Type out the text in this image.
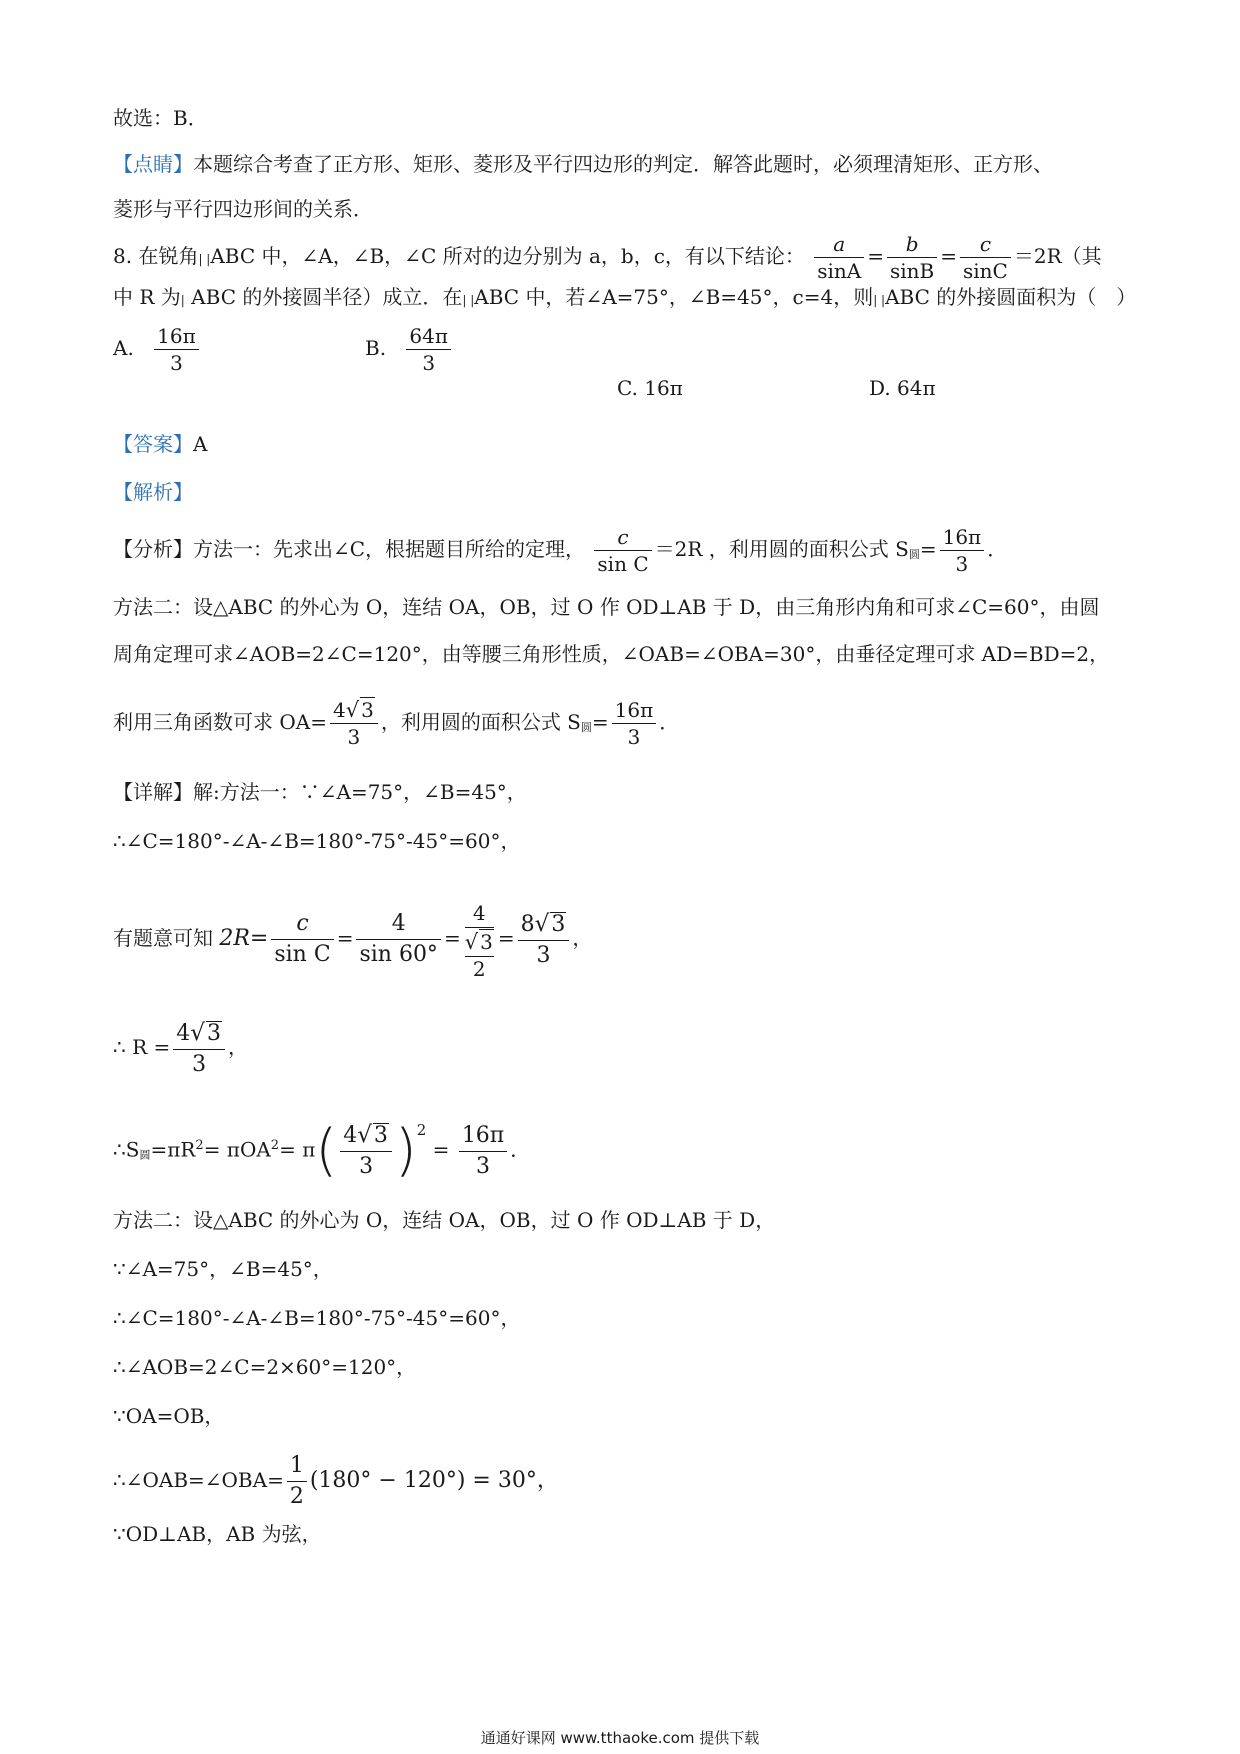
故选：B．
【点睛】本题综合考查了正方形、矩形、菱形及平行四边形的判定．解答此题时，必须理清矩形、正方形、
菱形与平行四边形间的关系．
8. 在锐角| |ABC 中，∠A，∠B，∠C 所对的边分别为 a，b，c，有以下结论： $\frac{a}{\sin A} = \frac{b}{\sin B} = \frac{c}{\sin C} =2R$（其
中 R 为| ABC 的外接圆半径）成立．在| |ABC 中，若∠A=75°，∠B=45°，c=4，则| |ABC 的外接圆面积为（　）
A. $\frac{16\pi}{3}$	B. $\frac{64\pi}{3}$
C. 16π	D. 64π
【答案】A
【解析】
【分析】方法一：先求出∠C，根据题目所给的定理， $\frac{c}{\text{sin C}} =2R$ ，利用圆的面积公式 S圆= $\frac{16\pi}{3}$ ．
方法二：设△ABC 的外心为 O，连结 OA，OB，过 O 作 OD⊥AB 于 D，由三角形内角和可求∠C=60°，由圆
周角定理可求∠AOB=2∠C=120°，由等腰三角形性质，∠OAB=∠OBA=30°，由垂径定理可求 AD=BD=2，
利用三角函数可求 $OA= \frac{4√ 3}{3}$ ，利用圆的面积公式 S圆= $\frac{16\pi}{3}$ ．
【详解】解:方法一：∵∠A=75°，∠B=45°，
∴∠C=180°-∠A-∠B=180°-75°-45°=60°，
有题意可知 $2R= \frac{c}{\text{sin C}} = \frac{4}{\sin 60^\circ}$ =
4
√ 3
2
= $\frac{8√3}{3}$ ，
∴ $R = \frac{4√3}{3}$ ，
∴S圆$=\pi R^2= \pi OA^2= \pi( \frac{4√3}{3} )^2 = \frac{16\pi}{3}$ ．
方法二：设△ABC 的外心为 O，连结 OA，OB，过 O 作 OD⊥AB 于 D，
∵∠A=75°，∠B=45°，
∴∠C=180°-∠A-∠B=180°-75°-45°=60°，
∴∠AOB=2∠C=2×60°=120°，
∵OA=OB，
∴∠OAB=∠OBA= $\frac{1}{2} (180^\circ - 120^\circ) = 30^\circ$，
∵OD⊥AB，AB 为弦，
通通好课网 www.tthaoke.com 提供下载
